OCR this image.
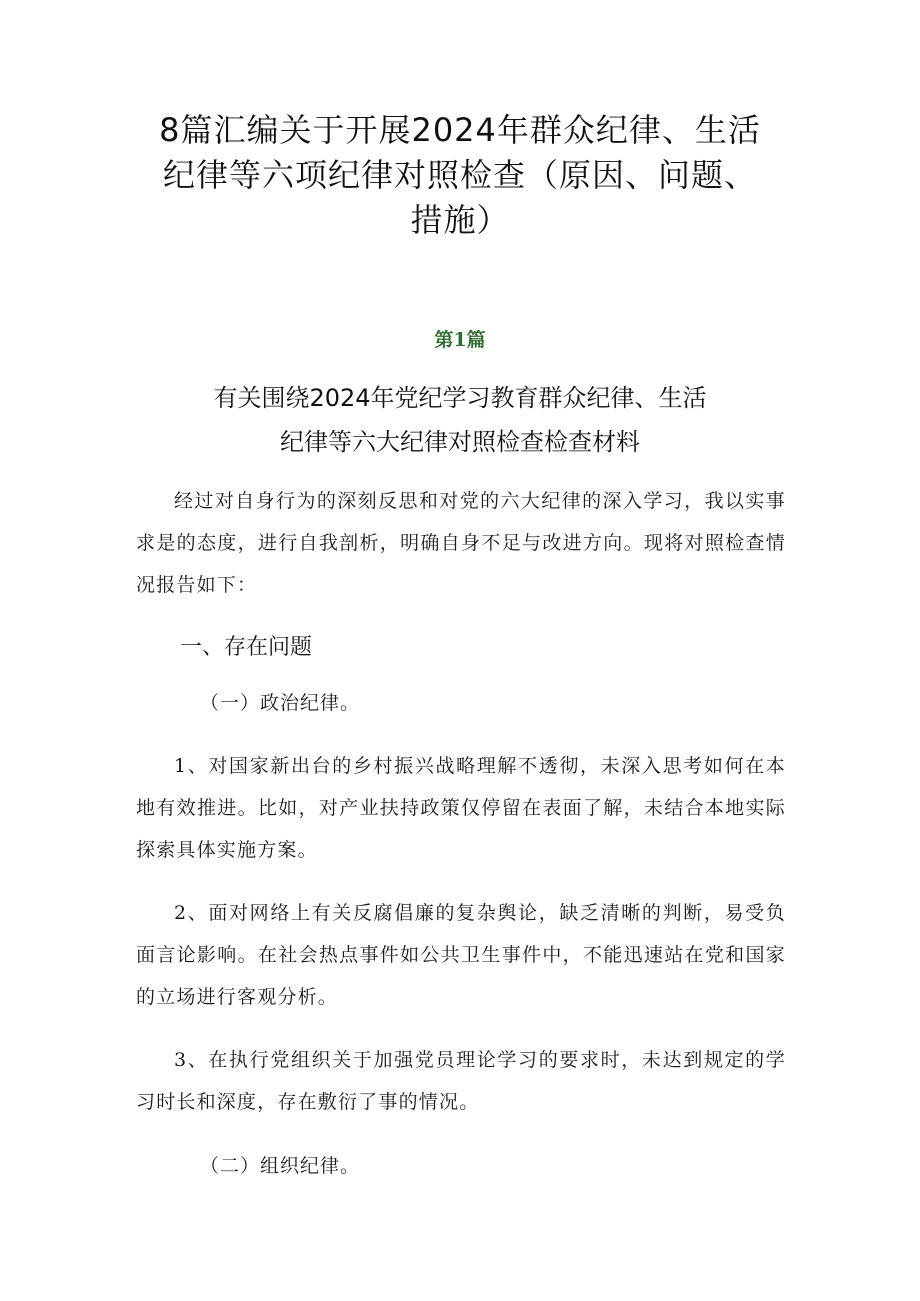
8篇汇编关于开展2024年群众纪律、生活
纪律等六项纪律对照检查（原因、问题、
措施）
第1篇
有关围绕2024年党纪学习教育群众纪律、生活
纪律等六大纪律对照检查检查材料

经过对自身行为的深刻反思和对党的六大纪律的深入学习，我以实事求是的态度，进行自我剖析，明确自身不足与改进方向。现将对照检查情况报告如下：

一、存在问题

（一）政治纪律。

1、对国家新出台的乡村振兴战略理解不透彻，未深入思考如何在本地有效推进。比如，对产业扶持政策仅停留在表面了解，未结合本地实际探索具体实施方案。

2、面对网络上有关反腐倡廉的复杂舆论，缺乏清晰的判断，易受负面言论影响。在社会热点事件如公共卫生事件中，不能迅速站在党和国家的立场进行客观分析。

3、在执行党组织关于加强党员理论学习的要求时，未达到规定的学习时长和深度，存在敷衍了事的情况。

（二）组织纪律。
